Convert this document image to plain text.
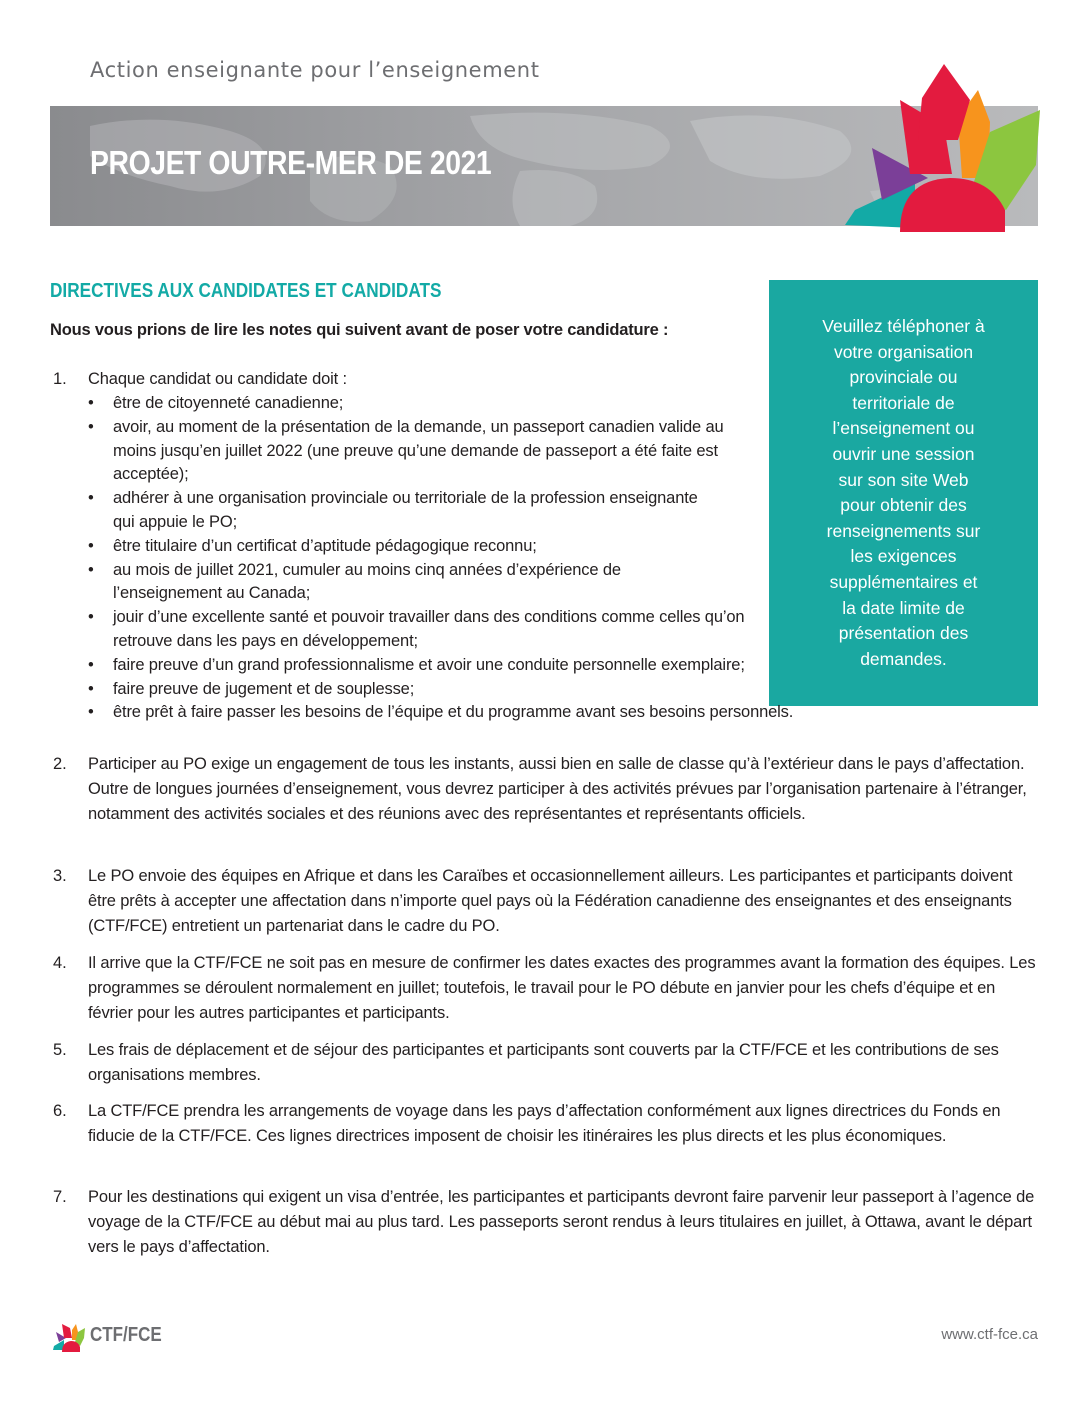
Action enseignante pour l’enseignement
PROJET OUTRE-MER DE 2021
DIRECTIVES AUX CANDIDATES ET CANDIDATS

Nous vous prions de lire les notes qui suivent avant de poser votre candidature :	Veuillez téléphoner à
votre organisation
provinciale ou
territoriale de
l’enseignement ou
ouvrir une session
sur son site Web
pour obtenir des
renseignements sur
les exigences
supplémentaires et
la date limite de
présentation des
demandes.
1. Chaque candidat ou candidate doit :
• être de citoyenneté canadienne;
• avoir, au moment de la présentation de la demande, un passeport canadien valide au moins jusqu’en juillet 2022 (une preuve qu’une demande de passeport a été faite est acceptée);
• adhérer à une organisation provinciale ou territoriale de la profession enseignante qui appuie le PO;
• être titulaire d’un certificat d’aptitude pédagogique reconnu;
• au mois de juillet 2021, cumuler au moins cinq années d’expérience de l’enseignement au Canada;
• jouir d’une excellente santé et pouvoir travailler dans des conditions comme celles qu’on retrouve dans les pays en développement;
• faire preuve d’un grand professionnalisme et avoir une conduite personnelle exemplaire;
• faire preuve de jugement et de souplesse;
• être prêt à faire passer les besoins de l’équipe et du programme avant ses besoins personnels.
2. Participer au PO exige un engagement de tous les instants, aussi bien en salle de classe qu’à l’extérieur dans le pays d’affectation. Outre de longues journées d’enseignement, vous devrez participer à des activités prévues par l’organisation partenaire à l’étranger, notamment des activités sociales et des réunions avec des représentantes et représentants officiels.
3. Le PO envoie des équipes en Afrique et dans les Caraïbes et occasionnellement ailleurs. Les participantes et participants doivent être prêts à accepter une affectation dans n’importe quel pays où la Fédération canadienne des enseignantes et des enseignants (CTF/FCE) entretient un partenariat dans le cadre du PO.
4. Il arrive que la CTF/FCE ne soit pas en mesure de confirmer les dates exactes des programmes avant la formation des équipes. Les programmes se déroulent normalement en juillet; toutefois, le travail pour le PO débute en janvier pour les chefs d’équipe et en février pour les autres participantes et participants.
5. Les frais de déplacement et de séjour des participantes et participants sont couverts par la CTF/FCE et les contributions de ses organisations membres.
6. La CTF/FCE prendra les arrangements de voyage dans les pays d’affectation conformément aux lignes directrices du Fonds en fiducie de la CTF/FCE. Ces lignes directrices imposent de choisir les itinéraires les plus directs et les plus économiques.
7. Pour les destinations qui exigent un visa d’entrée, les participantes et participants devront faire parvenir leur passeport à l’agence de voyage de la CTF/FCE au début mai au plus tard. Les passeports seront rendus à leurs titulaires en juillet, à Ottawa, avant le départ vers le pays d’affectation.
CTF/FCE	www.ctf-fce.ca
